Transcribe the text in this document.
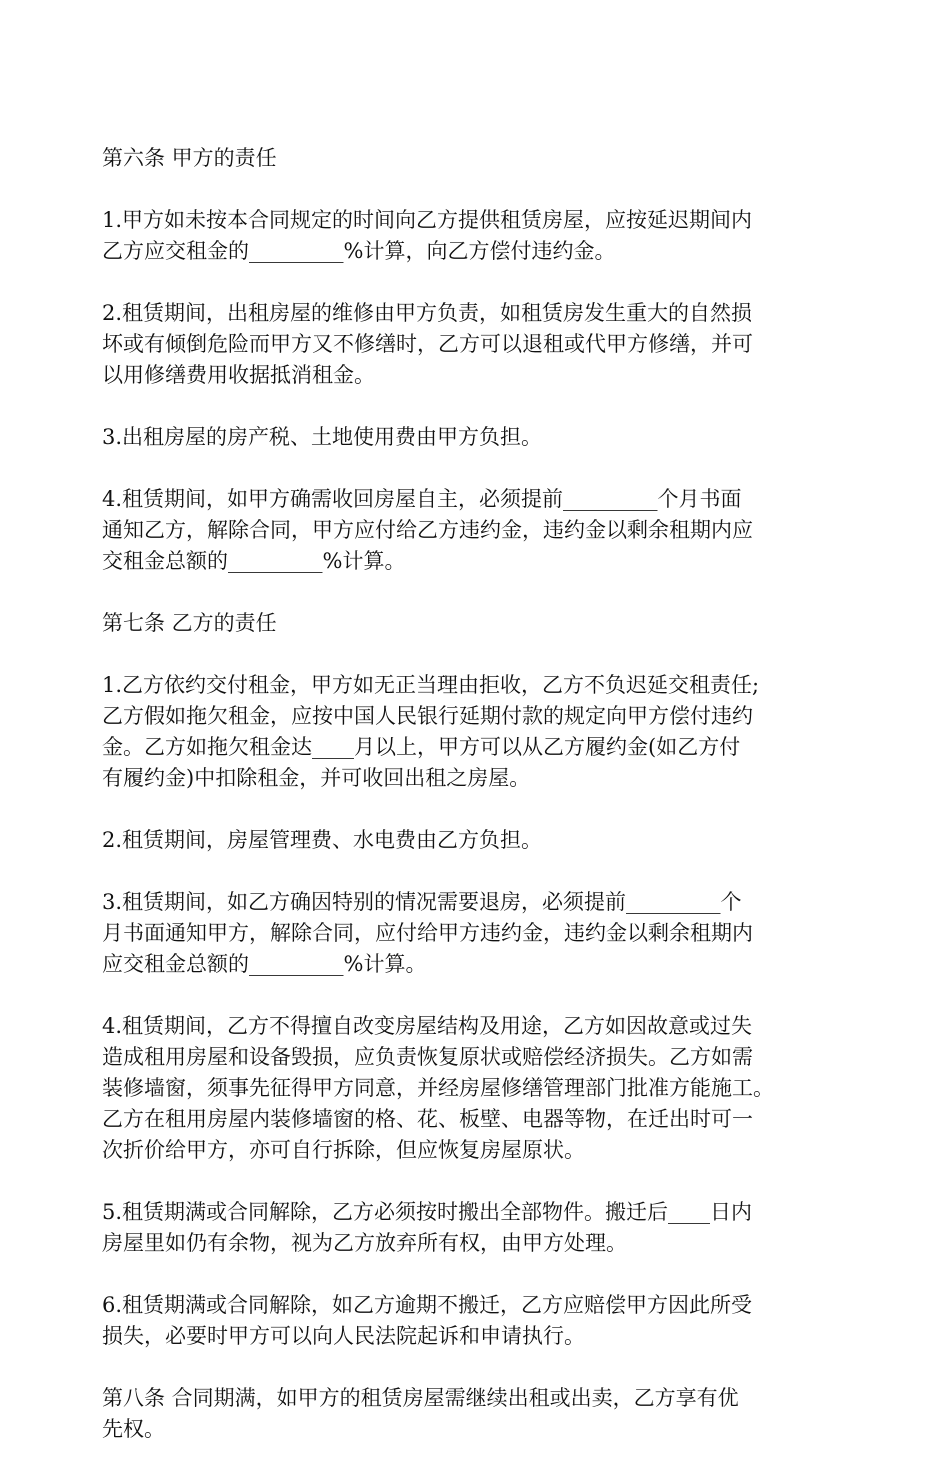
第六条 甲方的责任

1.甲方如未按本合同规定的时间向乙方提供租赁房屋，应按延迟期间内
乙方应交租金的_________%计算，向乙方偿付违约金。

2.租赁期间，出租房屋的维修由甲方负责，如租赁房发生重大的自然损
坏或有倾倒危险而甲方又不修缮时，乙方可以退租或代甲方修缮，并可
以用修缮费用收据抵消租金。

3.出租房屋的房产税、土地使用费由甲方负担。

4.租赁期间，如甲方确需收回房屋自主，必须提前_________个月书面
通知乙方，解除合同，甲方应付给乙方违约金，违约金以剩余租期内应
交租金总额的_________%计算。

第七条 乙方的责任

1.乙方依约交付租金，甲方如无正当理由拒收，乙方不负迟延交租责任;
乙方假如拖欠租金，应按中国人民银行延期付款的规定向甲方偿付违约
金。乙方如拖欠租金达____月以上，甲方可以从乙方履约金(如乙方付
有履约金)中扣除租金，并可收回出租之房屋。

2.租赁期间，房屋管理费、水电费由乙方负担。

3.租赁期间，如乙方确因特别的情况需要退房，必须提前_________个
月书面通知甲方，解除合同，应付给甲方违约金，违约金以剩余租期内
应交租金总额的_________%计算。

4.租赁期间，乙方不得擅自改变房屋结构及用途，乙方如因故意或过失
造成租用房屋和设备毁损，应负责恢复原状或赔偿经济损失。乙方如需
装修墙窗，须事先征得甲方同意，并经房屋修缮管理部门批准方能施工。
乙方在租用房屋内装修墙窗的格、花、板壁、电器等物，在迁出时可一
次折价给甲方，亦可自行拆除，但应恢复房屋原状。

5.租赁期满或合同解除，乙方必须按时搬出全部物件。搬迁后____日内
房屋里如仍有余物，视为乙方放弃所有权，由甲方处理。

6.租赁期满或合同解除，如乙方逾期不搬迁，乙方应赔偿甲方因此所受
损失，必要时甲方可以向人民法院起诉和申请执行。

第八条 合同期满，如甲方的租赁房屋需继续出租或出卖，乙方享有优
先权。
